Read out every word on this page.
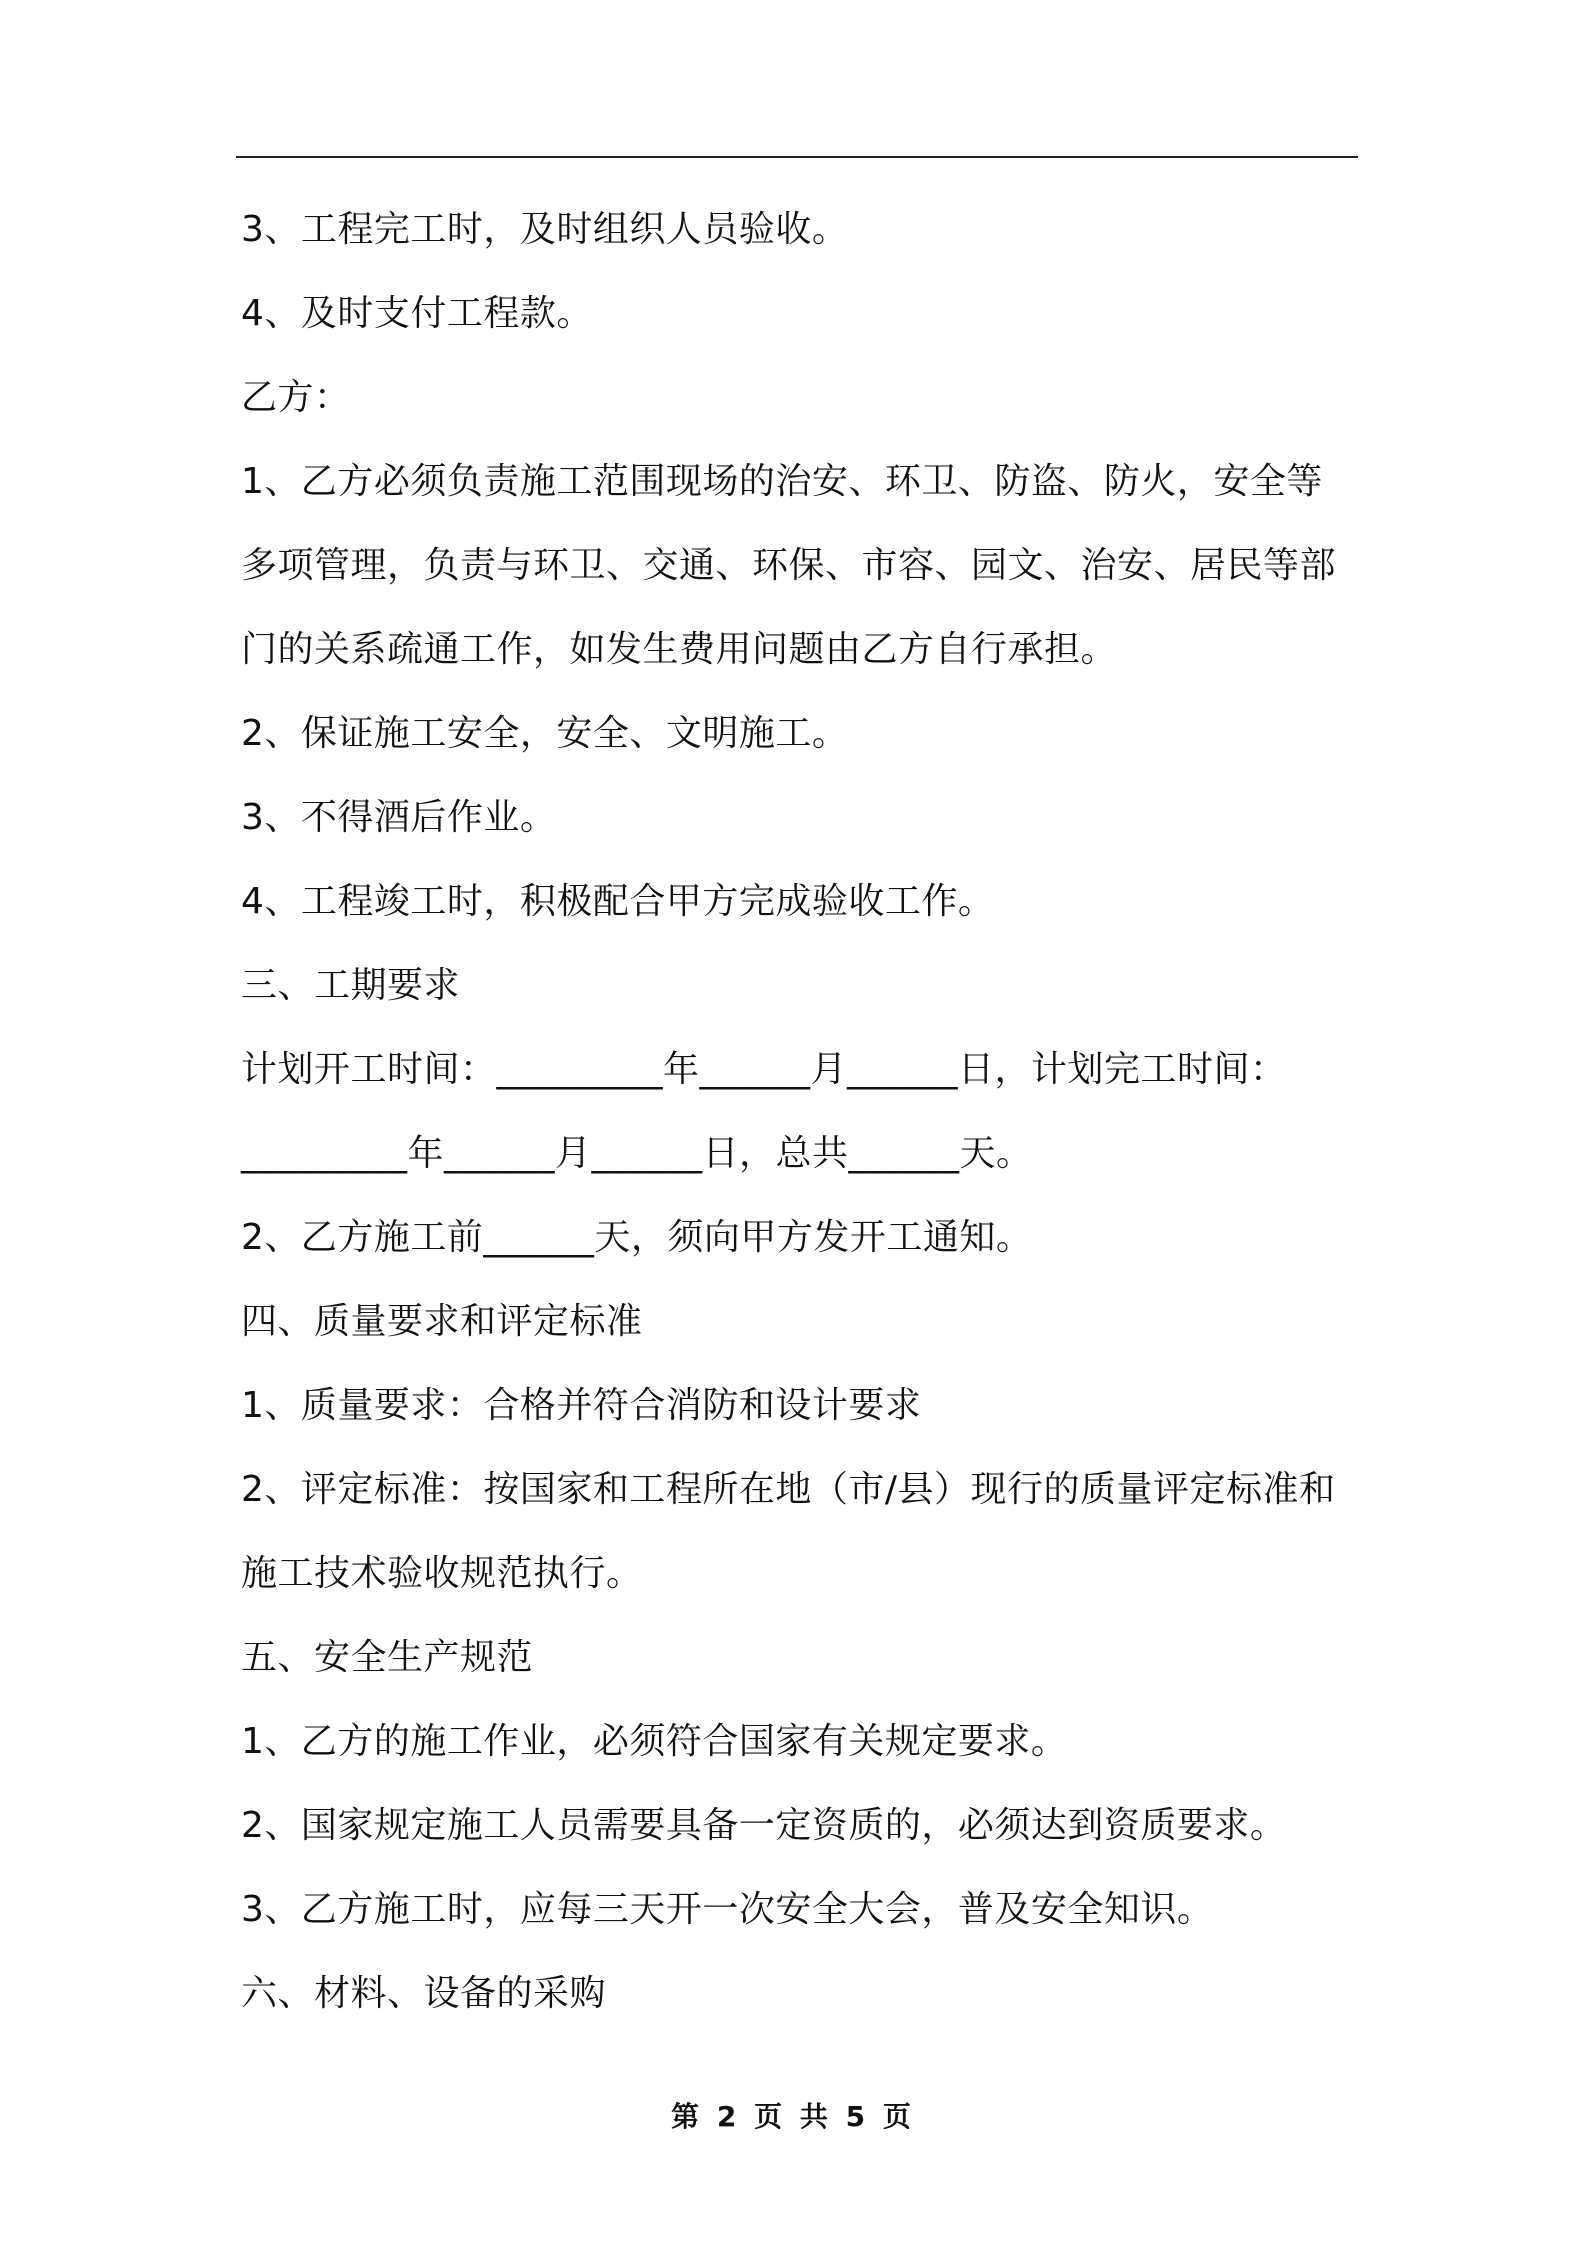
3、工程完工时，及时组织人员验收。
4、及时支付工程款。
乙方：
1、乙方必须负责施工范围现场的治安、环卫、防盗、防火，安全等
多项管理，负责与环卫、交通、环保、市容、园文、治安、居民等部
门的关系疏通工作，如发生费用问题由乙方自行承担。
2、保证施工安全，安全、文明施工。
3、不得酒后作业。
4、工程竣工时，积极配合甲方完成验收工作。
三、工期要求
计划开工时间：_________年______月______日，计划完工时间：
_________年______月______日，总共______天。
2、乙方施工前______天，须向甲方发开工通知。
四、质量要求和评定标准
1、质量要求：合格并符合消防和设计要求
2、评定标准：按国家和工程所在地（市/县）现行的质量评定标准和
施工技术验收规范执行。
五、安全生产规范
1、乙方的施工作业，必须符合国家有关规定要求。
2、国家规定施工人员需要具备一定资质的，必须达到资质要求。
3、乙方施工时，应每三天开一次安全大会，普及安全知识。
六、材料、设备的采购
第 2 页 共 5 页
